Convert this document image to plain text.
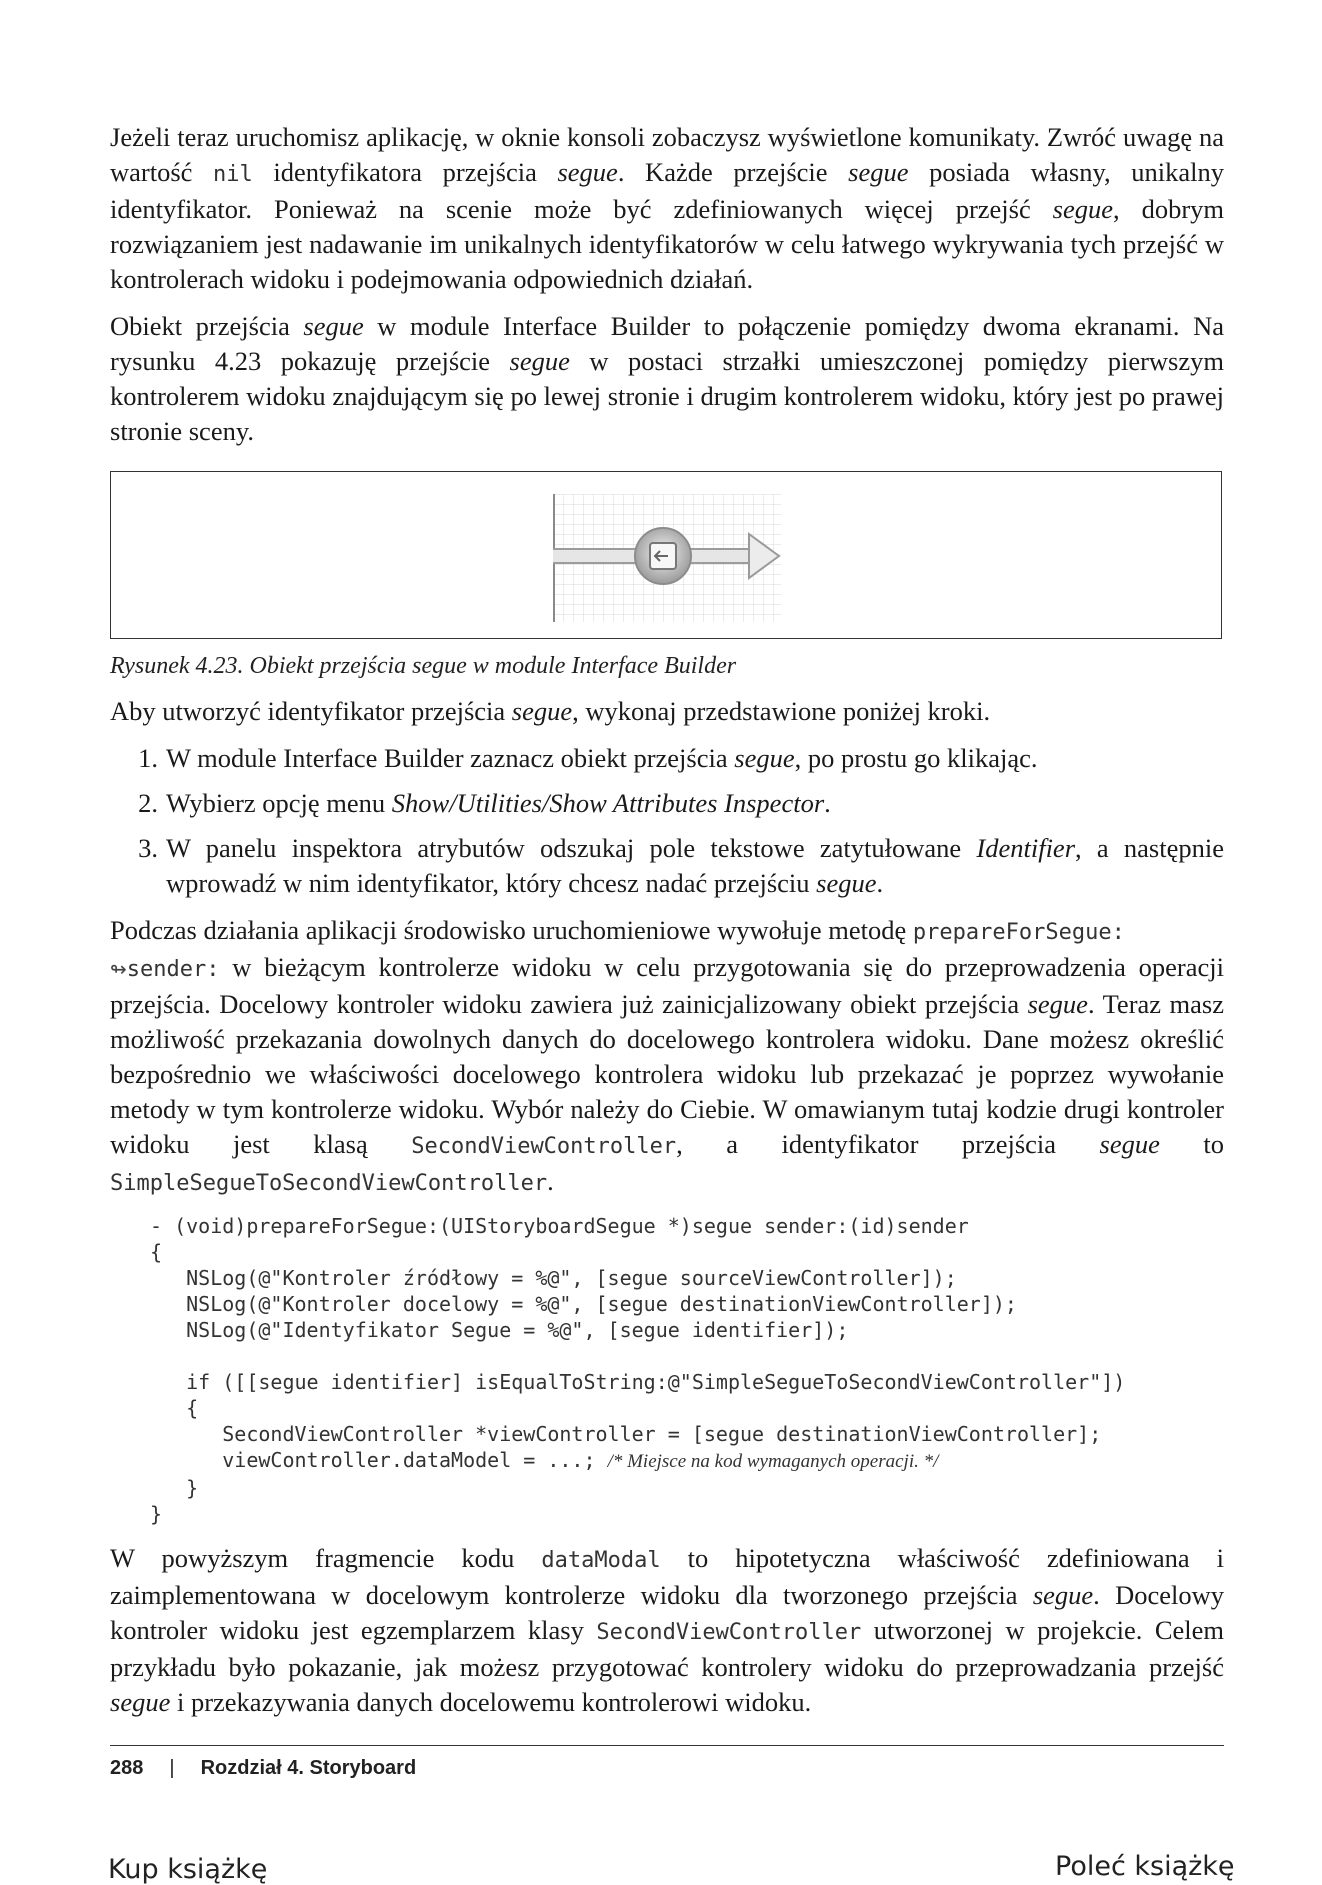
Jeżeli teraz uruchomisz aplikację, w oknie konsoli zobaczysz wyświetlone komunikaty. Zwróć uwagę na wartość nil identyfikatora przejścia segue. Każde przejście segue posiada własny, unikalny identyfikator. Ponieważ na scenie może być zdefiniowanych więcej przejść segue, dobrym rozwiązaniem jest nadawanie im unikalnych identyfikatorów w celu łatwego wykrywania tych przejść w kontrolerach widoku i podejmowania odpowiednich działań.

Obiekt przejścia segue w module Interface Builder to połączenie pomiędzy dwoma ekranami. Na rysunku 4.23 pokazuję przejście segue w postaci strzałki umieszczonej pomiędzy pierwszym kontrolerem widoku znajdującym się po lewej stronie i drugim kontrolerem widoku, który jest po prawej stronie sceny.

Rysunek 4.23. Obiekt przejścia segue w module Interface Builder

Aby utworzyć identyfikator przejścia segue, wykonaj przedstawione poniżej kroki.

1. W module Interface Builder zaznacz obiekt przejścia segue, po prostu go klikając.
2. Wybierz opcję menu Show/Utilities/Show Attributes Inspector.
3. W panelu inspektora atrybutów odszukaj pole tekstowe zatytułowane Identifier, a następnie wprowadź w nim identyfikator, który chcesz nadać przejściu segue.

Podczas działania aplikacji środowisko uruchomieniowe wywołuje metodę prepareForSegue:
↬sender: w bieżącym kontrolerze widoku w celu przygotowania się do przeprowadzenia operacji przejścia. Docelowy kontroler widoku zawiera już zainicjalizowany obiekt przejścia segue. Teraz masz możliwość przekazania dowolnych danych do docelowego kontrolera widoku. Dane możesz określić bezpośrednio we właściwości docelowego kontrolera widoku lub przekazać je poprzez wywołanie metody w tym kontrolerze widoku. Wybór należy do Ciebie. W omawianym tutaj kodzie drugi kontroler widoku jest klasą SecondViewController, a identyfikator przejścia segue to SimpleSegueToSecondViewController.

- (void)prepareForSegue:(UIStoryboardSegue *)segue sender:(id)sender
{
NSLog(@"Kontroler źródłowy = %@", [segue sourceViewController]);
NSLog(@"Kontroler docelowy = %@", [segue destinationViewController]);
NSLog(@"Identyfikator Segue = %@", [segue identifier]);

if ([[segue identifier] isEqualToString:@"SimpleSegueToSecondViewController"])
{
SecondViewController *viewController = [segue destinationViewController];
viewController.dataModel = ...; /* Miejsce na kod wymaganych operacji. */
}
}

W powyższym fragmencie kodu dataModal to hipotetyczna właściwość zdefiniowana i zaimplementowana w docelowym kontrolerze widoku dla tworzonego przejścia segue. Docelowy kontroler widoku jest egzemplarzem klasy SecondViewController utworzonej w projekcie. Celem przykładu było pokazanie, jak możesz przygotować kontrolery widoku do przeprowadzania przejść segue i przekazywania danych docelowemu kontrolerowi widoku.

288 | Rozdział 4. Storyboard
Kup książkę	Poleć książkę
